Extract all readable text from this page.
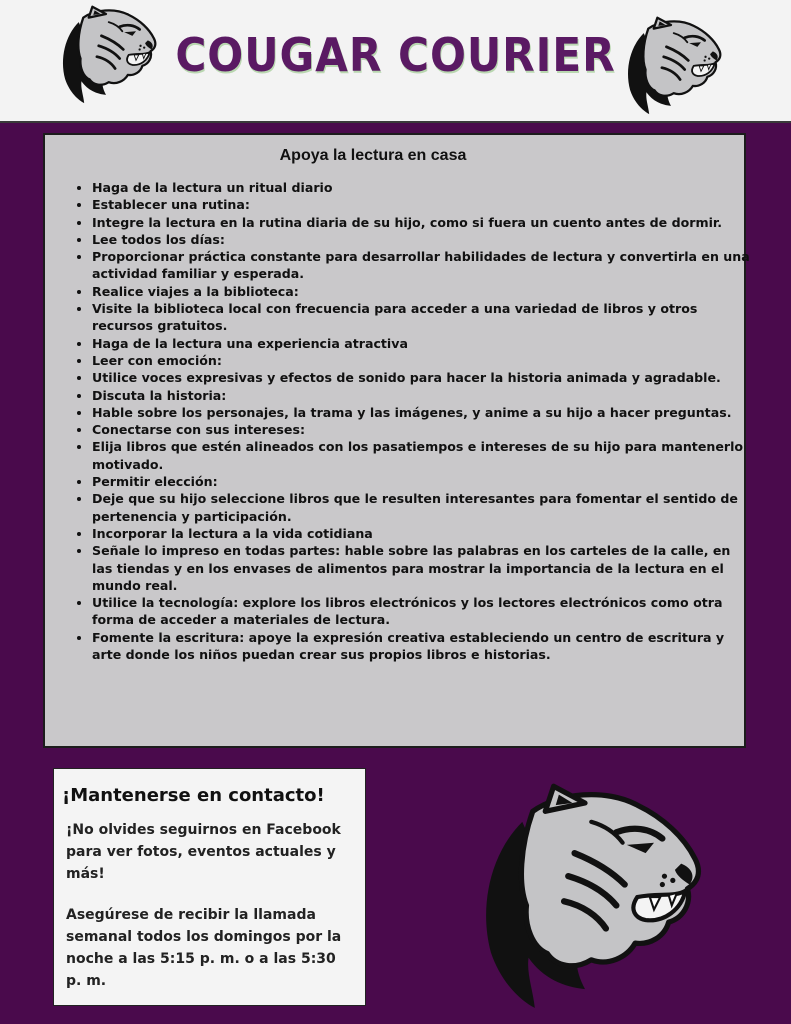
COUGAR COURIER
Apoya la lectura en casa
• Haga de la lectura un ritual diario
• Establecer una rutina:
• Integre la lectura en la rutina diaria de su hijo, como si fuera un cuento antes de dormir.
• Lee todos los días:
• Proporcionar práctica constante para desarrollar habilidades de lectura y convertirla en una actividad familiar y esperada.
• Realice viajes a la biblioteca:
• Visite la biblioteca local con frecuencia para acceder a una variedad de libros y otros recursos gratuitos.
• Haga de la lectura una experiencia atractiva
• Leer con emoción:
• Utilice voces expresivas y efectos de sonido para hacer la historia animada y agradable.
• Discuta la historia:
• Hable sobre los personajes, la trama y las imágenes, y anime a su hijo a hacer preguntas.
• Conectarse con sus intereses:
• Elija libros que estén alineados con los pasatiempos e intereses de su hijo para mantenerlo motivado.
• Permitir elección:
• Deje que su hijo seleccione libros que le resulten interesantes para fomentar el sentido de pertenencia y participación.
• Incorporar la lectura a la vida cotidiana
• Señale lo impreso en todas partes: hable sobre las palabras en los carteles de la calle, en las tiendas y en los envases de alimentos para mostrar la importancia de la lectura en el mundo real.
• Utilice la tecnología: explore los libros electrónicos y los lectores electrónicos como otra forma de acceder a materiales de lectura.
• Fomente la escritura: apoye la expresión creativa estableciendo un centro de escritura y arte donde los niños puedan crear sus propios libros e historias.
¡Mantenerse en contacto!

¡No olvides seguirnos en Facebook para ver fotos, eventos actuales y más!

Asegúrese de recibir la llamada semanal todos los domingos por la noche a las 5:15 p. m. o a las 5:30 p. m.
